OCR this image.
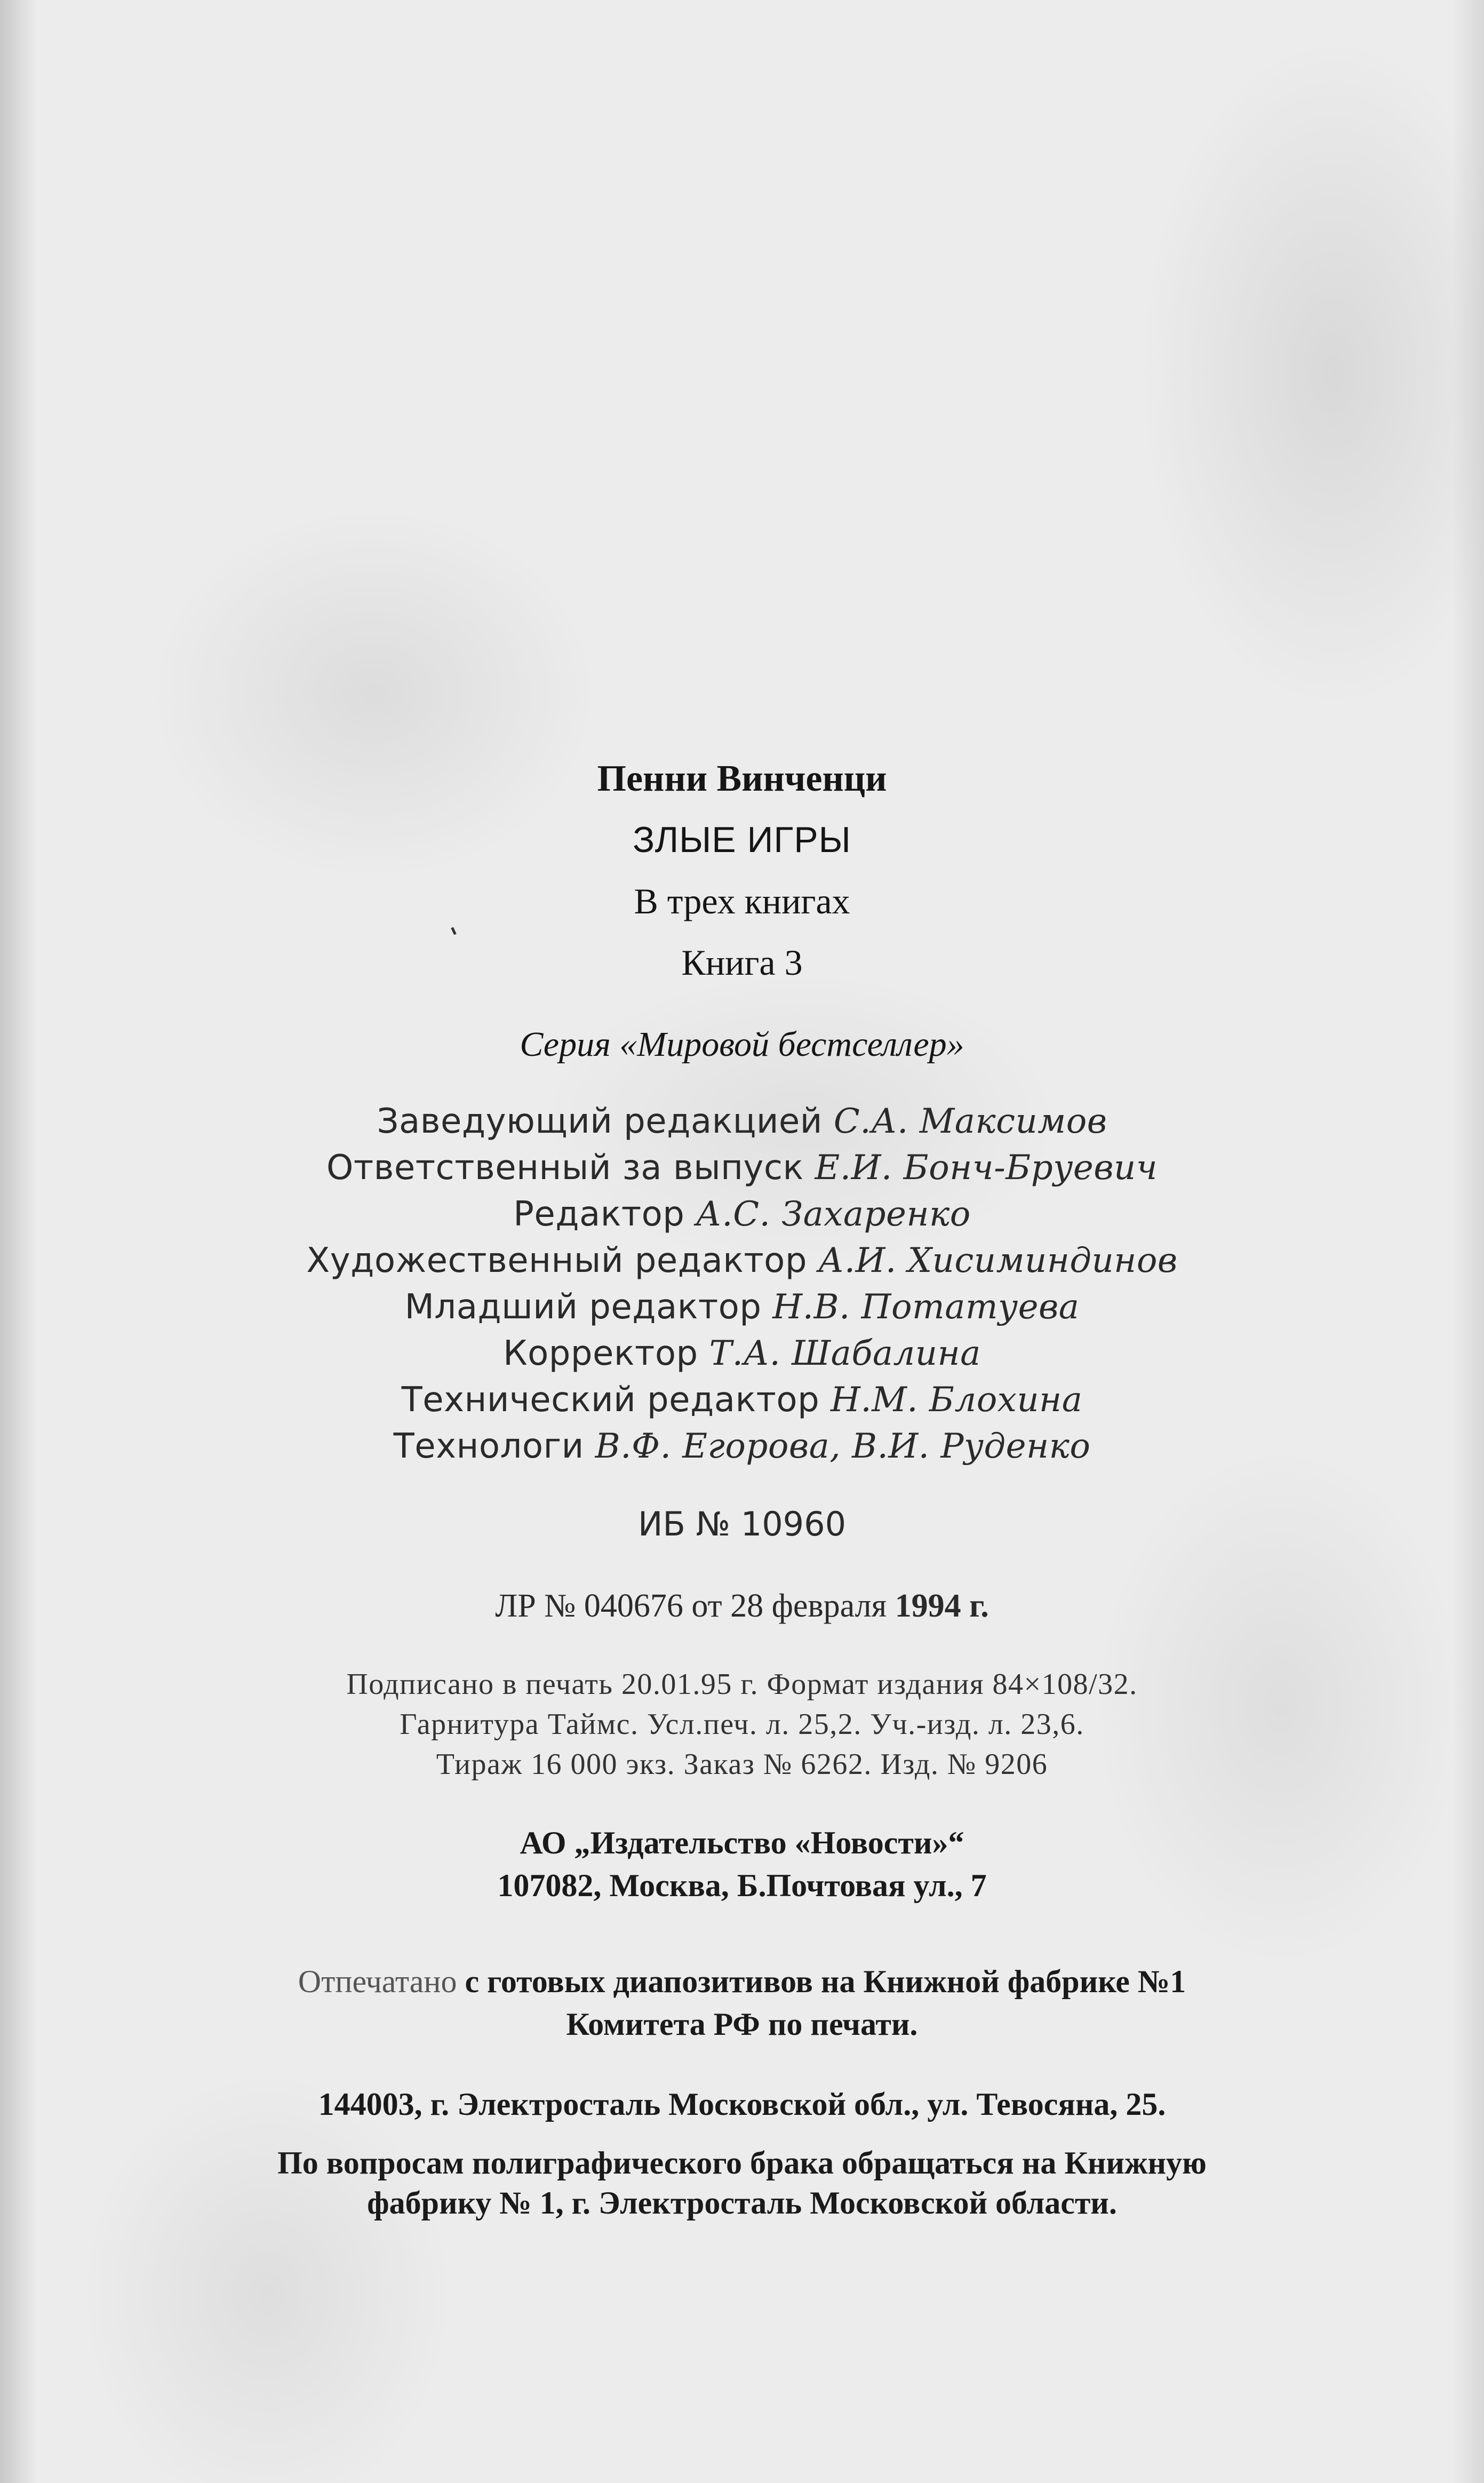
Пенни Винченци
ЗЛЫЕ ИГРЫ
В трех книгах
Книга 3
Серия «Мировой бестселлер»
Заведующий редакцией С.А. Максимов
Ответственный за выпуск Е.И. Бонч-Бруевич
Редактор А.С. Захаренко
Художественный редактор А.И. Хисиминдинов
Младший редактор Н.В. Потатуева
Корректор Т.А. Шабалина
Технический редактор Н.М. Блохина
Технологи В.Ф. Егорова, В.И. Руденко
ИБ № 10960
ЛР № 040676 от 28 февраля 1994 г.
Подписано в печать 20.01.95 г. Формат издания 84×108/32.
Гарнитура Таймс. Усл.печ. л. 25,2. Уч.-изд. л. 23,6.
Тираж 16 000 экз. Заказ № 6262. Изд. № 9206
АО „Издательство «Новости»“
107082, Москва, Б.Почтовая ул., 7
Отпечатано с готовых диапозитивов на Книжной фабрике №1
Комитета РФ по печати.
144003, г. Электросталь Московской обл., ул. Тевосяна, 25.
По вопросам полиграфического брака обращаться на Книжную
фабрику № 1, г. Электросталь Московской области.
